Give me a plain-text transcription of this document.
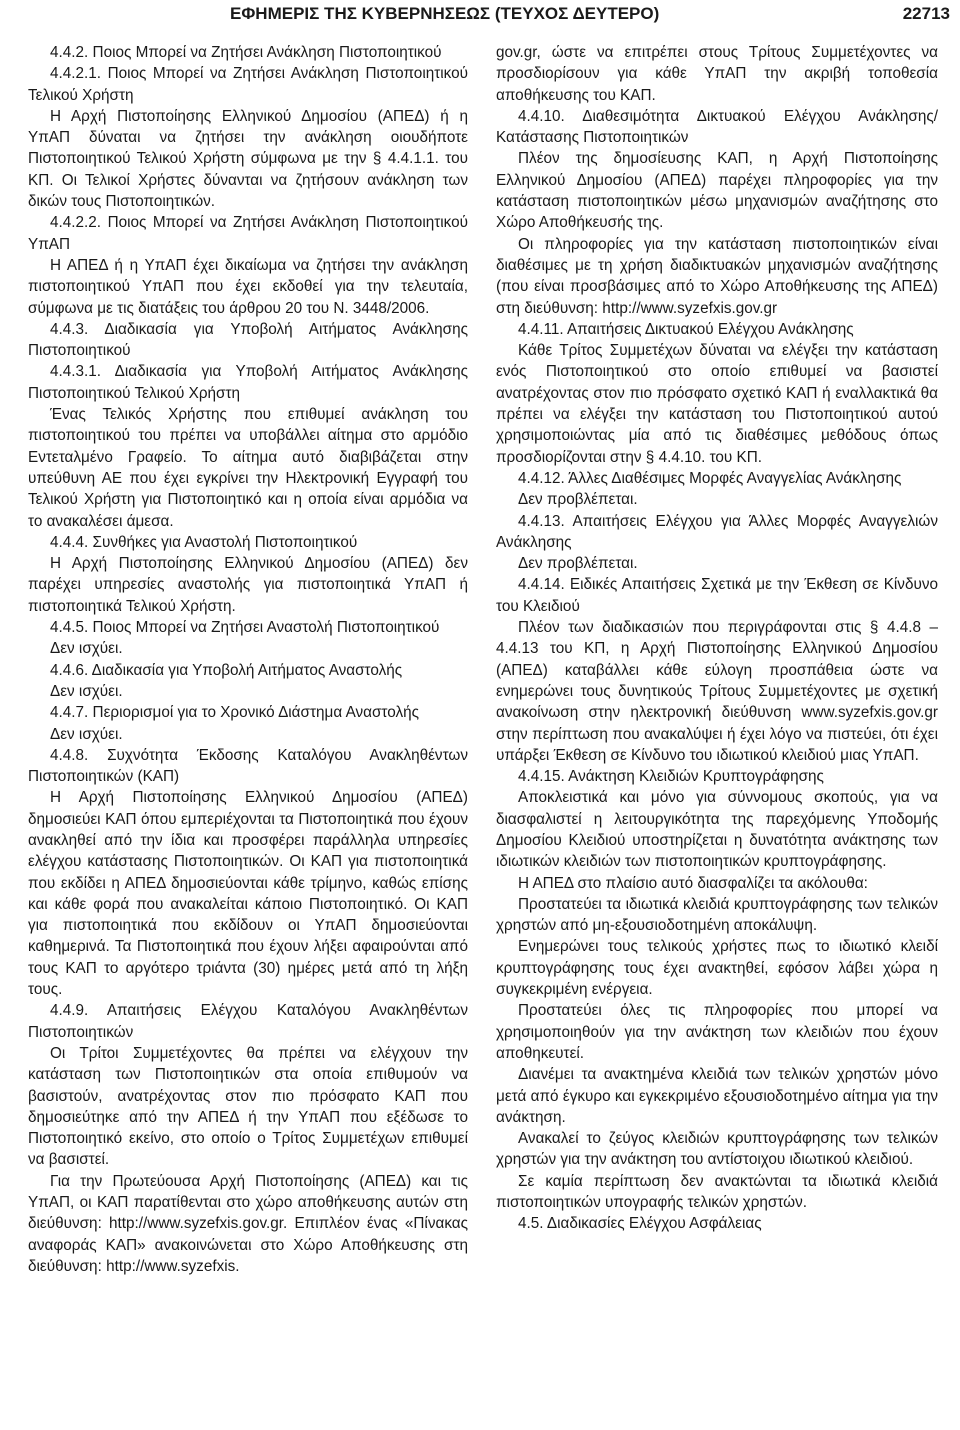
ΕΦΗΜΕΡΙΣ ΤΗΣ ΚΥΒΕΡΝΗΣΕΩΣ (ΤΕΥΧΟΣ ΔΕΥΤΕΡΟ)	22713

4.4.2. Ποιος Μπορεί να Ζητήσει Ανάκληση Πιστοποιητικού

4.4.2.1. Ποιος Μπορεί να Ζητήσει Ανάκληση Πιστοποιητικού Τελικού Χρήστη

Η Αρχή Πιστοποίησης Ελληνικού Δημοσίου (ΑΠΕΔ) ή η ΥπΑΠ δύναται να ζητήσει την ανάκληση οιουδήποτε Πιστοποιητικού Τελικού Χρήστη σύμφωνα με την § 4.4.1.1. του ΚΠ. Οι Τελικοί Χρήστες δύνανται να ζητήσουν ανάκληση των δικών τους Πιστοποιητικών.

4.4.2.2. Ποιος Μπορεί να Ζητήσει Ανάκληση Πιστοποιητικού ΥπΑΠ

Η ΑΠΕΔ ή η ΥπΑΠ έχει δικαίωμα να ζητήσει την ανάκληση πιστοποιητικού ΥπΑΠ που έχει εκδοθεί για την τελευταία, σύμφωνα με τις διατάξεις του άρθρου 20 του Ν. 3448/2006.

4.4.3. Διαδικασία για Υποβολή Αιτήματος Ανάκλησης Πιστοποιητικού

4.4.3.1. Διαδικασία για Υποβολή Αιτήματος Ανάκλησης Πιστοποιητικού Τελικού Χρήστη

Ένας Τελικός Χρήστης που επιθυμεί ανάκληση του πιστοποιητικού του πρέπει να υποβάλλει αίτημα στο αρμόδιο Εντεταλμένο Γραφείο. Το αίτημα αυτό διαβιβάζεται στην υπεύθυνη ΑΕ που έχει εγκρίνει την Ηλεκτρονική Εγγραφή του Τελικού Χρήστη για Πιστοποιητικό και η οποία είναι αρμόδια να το ανακαλέσει άμεσα.

4.4.4. Συνθήκες για Αναστολή Πιστοποιητικού

Η Αρχή Πιστοποίησης Ελληνικού Δημοσίου (ΑΠΕΔ) δεν παρέχει υπηρεσίες αναστολής για πιστοποιητικά ΥπΑΠ ή πιστοποιητικά Τελικού Χρήστη.

4.4.5. Ποιος Μπορεί να Ζητήσει Αναστολή Πιστοποιητικού

Δεν ισχύει.

4.4.6. Διαδικασία για Υποβολή Αιτήματος Αναστολής

Δεν ισχύει.

4.4.7. Περιορισμοί για το Χρονικό Διάστημα Αναστολής

Δεν ισχύει.

4.4.8. Συχνότητα Έκδοσης Καταλόγου Ανακληθέντων Πιστοποιητικών (ΚΑΠ)

Η Αρχή Πιστοποίησης Ελληνικού Δημοσίου (ΑΠΕΔ) δημοσιεύει ΚΑΠ όπου εμπεριέχονται τα Πιστοποιητικά που έχουν ανακληθεί από την ίδια και προσφέρει παράλληλα υπηρεσίες ελέγχου κατάστασης Πιστοποιητικών. Οι ΚΑΠ για πιστοποιητικά που εκδίδει η ΑΠΕΔ δημοσιεύονται κάθε τρίμηνο, καθώς επίσης και κάθε φορά που ανακαλείται κάποιο Πιστοποιητικό. Οι ΚΑΠ για πιστοποιητικά που εκδίδουν οι ΥπΑΠ δημοσιεύονται καθημερινά. Τα Πιστοποιητικά που έχουν λήξει αφαιρούνται από τους ΚΑΠ το αργότερο τριάντα (30) ημέρες μετά από τη λήξη τους.

4.4.9. Απαιτήσεις Ελέγχου Καταλόγου Ανακληθέντων Πιστοποιητικών

Οι Τρίτοι Συμμετέχοντες θα πρέπει να ελέγχουν την κατάσταση των Πιστοποιητικών στα οποία επιθυμούν να βασιστούν, ανατρέχοντας στον πιο πρόσφατο ΚΑΠ που δημοσιεύτηκε από την ΑΠΕΔ ή την ΥπΑΠ που εξέδωσε το Πιστοποιητικό εκείνο, στο οποίο ο Τρίτος Συμμετέχων επιθυμεί να βασιστεί.

Για την Πρωτεύουσα Αρχή Πιστοποίησης (ΑΠΕΔ) και τις ΥπΑΠ, οι ΚΑΠ παρατίθενται στο χώρο αποθήκευσης αυτών στη διεύθυνση: http://www.syzefxis.gov.gr. Επιπλέον ένας «Πίνακας αναφοράς ΚΑΠ» ανακοινώνεται στο Χώρο Αποθήκευσης στη διεύθυνση: http://www.syzefxis.

gov.gr, ώστε να επιτρέπει στους Τρίτους Συμμετέχοντες να προσδιορίσουν για κάθε ΥπΑΠ την ακριβή τοποθεσία αποθήκευσης του ΚΑΠ.

4.4.10. Διαθεσιμότητα Δικτυακού Ελέγχου Ανάκλησης/Κατάστασης Πιστοποιητικών

Πλέον της δημοσίευσης ΚΑΠ, η Αρχή Πιστοποίησης Ελληνικού Δημοσίου (ΑΠΕΔ) παρέχει πληροφορίες για την κατάσταση πιστοποιητικών μέσω μηχανισμών αναζήτησης στο Χώρο Αποθήκευσής της.

Οι πληροφορίες για την κατάσταση πιστοποιητικών είναι διαθέσιμες με τη χρήση διαδικτυακών μηχανισμών αναζήτησης (που είναι προσβάσιμες από το Χώρο Αποθήκευσης της ΑΠΕΔ) στη διεύθυνση: http://www.syzefxis.gov.gr

4.4.11. Απαιτήσεις Δικτυακού Ελέγχου Ανάκλησης

Κάθε Τρίτος Συμμετέχων δύναται να ελέγξει την κατάσταση ενός Πιστοποιητικού στο οποίο επιθυμεί να βασιστεί ανατρέχοντας στον πιο πρόσφατο σχετικό ΚΑΠ ή εναλλακτικά θα πρέπει να ελέγξει την κατάσταση του Πιστοποιητικού αυτού χρησιμοποιώντας μία από τις διαθέσιμες μεθόδους όπως προσδιορίζονται στην § 4.4.10. του ΚΠ.

4.4.12. Άλλες Διαθέσιμες Μορφές Αναγγελίας Ανάκλησης

Δεν προβλέπεται.

4.4.13. Απαιτήσεις Ελέγχου για Άλλες Μορφές Αναγγελιών Ανάκλησης

Δεν προβλέπεται.

4.4.14. Ειδικές Απαιτήσεις Σχετικά με την Έκθεση σε Κίνδυνο του Κλειδιού

Πλέον των διαδικασιών που περιγράφονται στις § 4.4.8 – 4.4.13 του ΚΠ, η Αρχή Πιστοποίησης Ελληνικού Δημοσίου (ΑΠΕΔ) καταβάλλει κάθε εύλογη προσπάθεια ώστε να ενημερώνει τους δυνητικούς Τρίτους Συμμετέχοντες με σχετική ανακοίνωση στην ηλεκτρονική διεύθυνση www.syzefxis.gov.gr στην περίπτωση που ανακαλύψει ή έχει λόγο να πιστεύει, ότι έχει υπάρξει Έκθεση σε Κίνδυνο του ιδιωτικού κλειδιού μιας ΥπΑΠ.

4.4.15. Ανάκτηση Κλειδιών Κρυπτογράφησης

Αποκλειστικά και μόνο για σύννομους σκοπούς, για να διασφαλιστεί η λειτουργικότητα της παρεχόμενης Υποδομής Δημοσίου Κλειδιού υποστηρίζεται η δυνατότητα ανάκτησης των ιδιωτικών κλειδιών των πιστοποιητικών κρυπτογράφησης.

Η ΑΠΕΔ στο πλαίσιο αυτό διασφαλίζει τα ακόλουθα:

Προστατεύει τα ιδιωτικά κλειδιά κρυπτογράφησης των τελικών χρηστών από μη-εξουσιοδοτημένη αποκάλυψη.

Ενημερώνει τους τελικούς χρήστες πως το ιδιωτικό κλειδί κρυπτογράφησης τους έχει ανακτηθεί, εφόσον λάβει χώρα η συγκεκριμένη ενέργεια.

Προστατεύει όλες τις πληροφορίες που μπορεί να χρησιμοποιηθούν για την ανάκτηση των κλειδιών που έχουν αποθηκευτεί.

Διανέμει τα ανακτημένα κλειδιά των τελικών χρηστών μόνο μετά από έγκυρο και εγκεκριμένο εξουσιοδοτημένο αίτημα για την ανάκτηση.

Ανακαλεί το ζεύγος κλειδιών κρυπτογράφησης των τελικών χρηστών για την ανάκτηση του αντίστοιχου ιδιωτικού κλειδιού.

Σε καμία περίπτωση δεν ανακτώνται τα ιδιωτικά κλειδιά πιστοποιητικών υπογραφής τελικών χρηστών.

4.5. Διαδικασίες Ελέγχου Ασφάλειας
